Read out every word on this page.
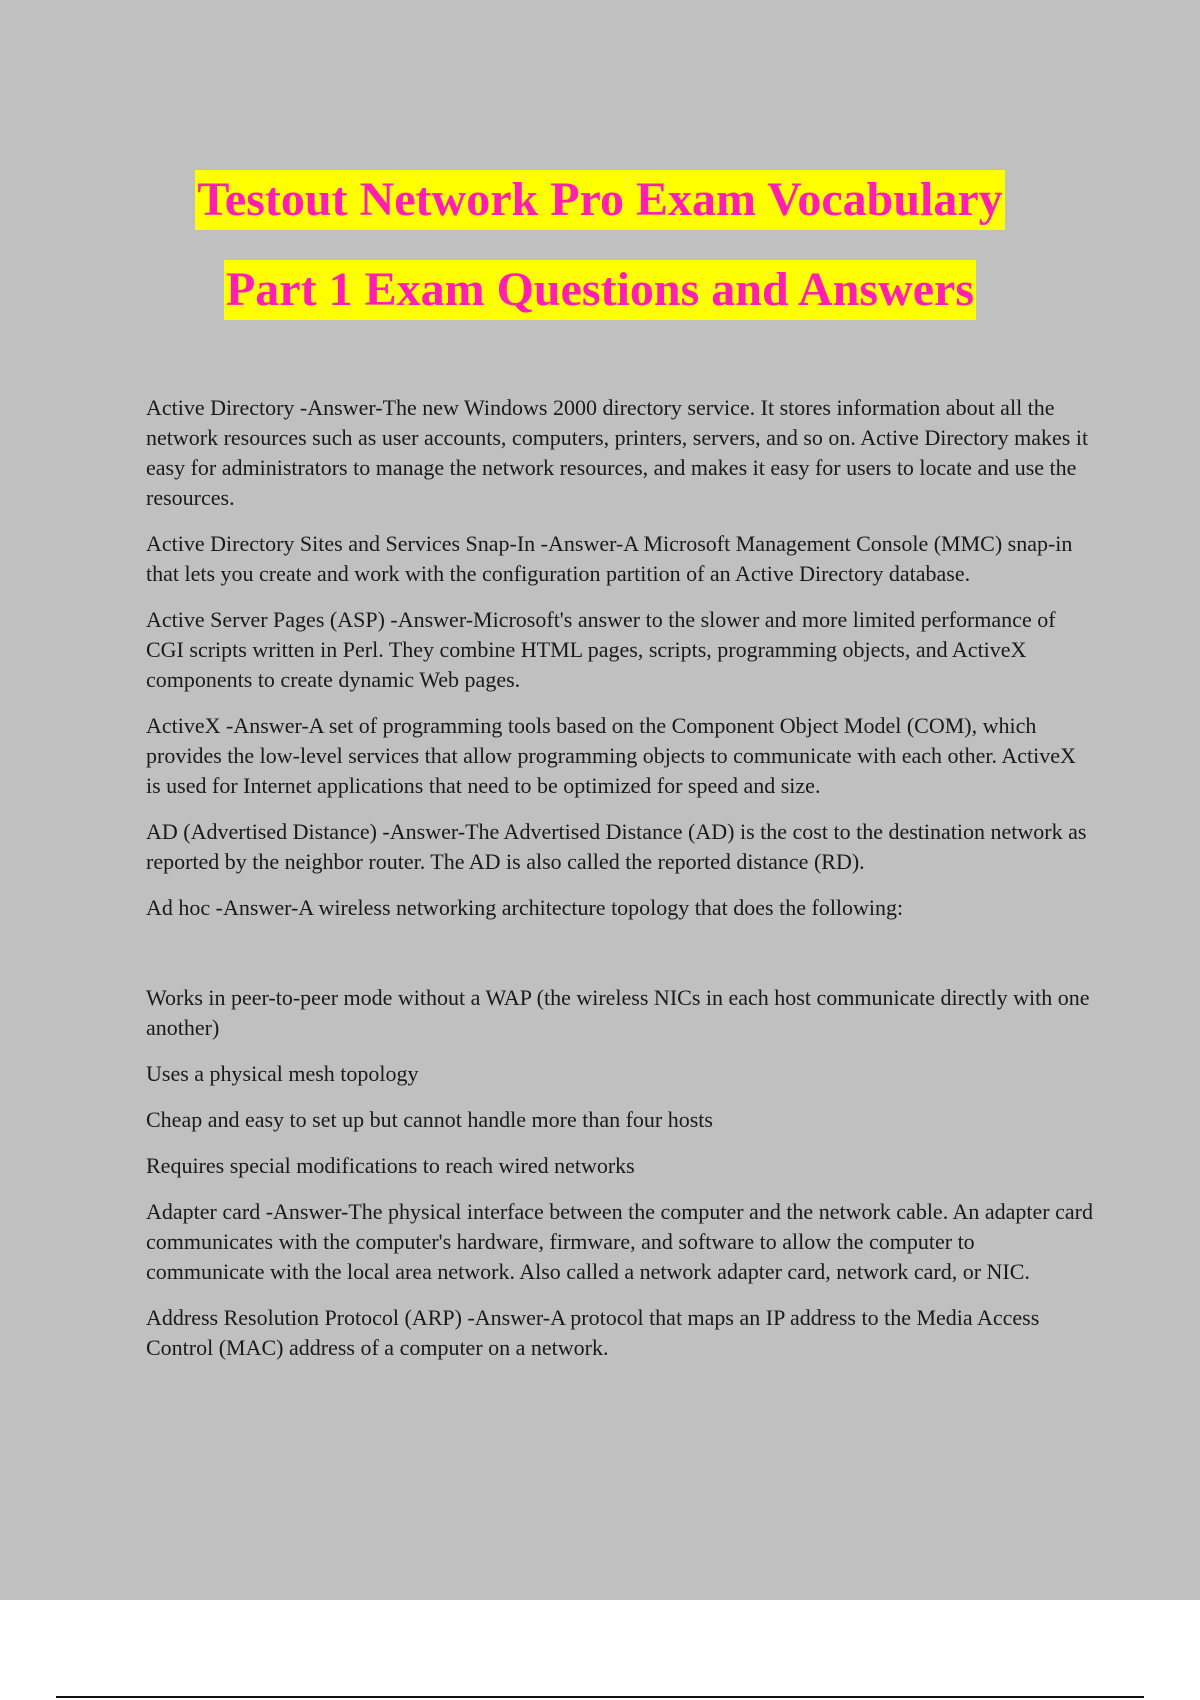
Testout Network Pro Exam Vocabulary
Part 1 Exam Questions and Answers

Active Directory -Answer-The new Windows 2000 directory service. It stores information about all the network resources such as user accounts, computers, printers, servers, and so on. Active Directory makes it easy for administrators to manage the network resources, and makes it easy for users to locate and use the resources.

Active Directory Sites and Services Snap-In -Answer-A Microsoft Management Console (MMC) snap-in that lets you create and work with the configuration partition of an Active Directory database.

Active Server Pages (ASP) -Answer-Microsoft's answer to the slower and more limited performance of CGI scripts written in Perl. They combine HTML pages, scripts, programming objects, and ActiveX components to create dynamic Web pages.

ActiveX -Answer-A set of programming tools based on the Component Object Model (COM), which provides the low-level services that allow programming objects to communicate with each other. ActiveX is used for Internet applications that need to be optimized for speed and size.

AD (Advertised Distance) -Answer-The Advertised Distance (AD) is the cost to the destination network as reported by the neighbor router. The AD is also called the reported distance (RD).

Ad hoc -Answer-A wireless networking architecture topology that does the following:

Works in peer-to-peer mode without a WAP (the wireless NICs in each host communicate directly with one another)

Uses a physical mesh topology

Cheap and easy to set up but cannot handle more than four hosts

Requires special modifications to reach wired networks

Adapter card -Answer-The physical interface between the computer and the network cable. An adapter card communicates with the computer's hardware, firmware, and software to allow the computer to communicate with the local area network. Also called a network adapter card, network card, or NIC.

Address Resolution Protocol (ARP) -Answer-A protocol that maps an IP address to the Media Access Control (MAC) address of a computer on a network.
